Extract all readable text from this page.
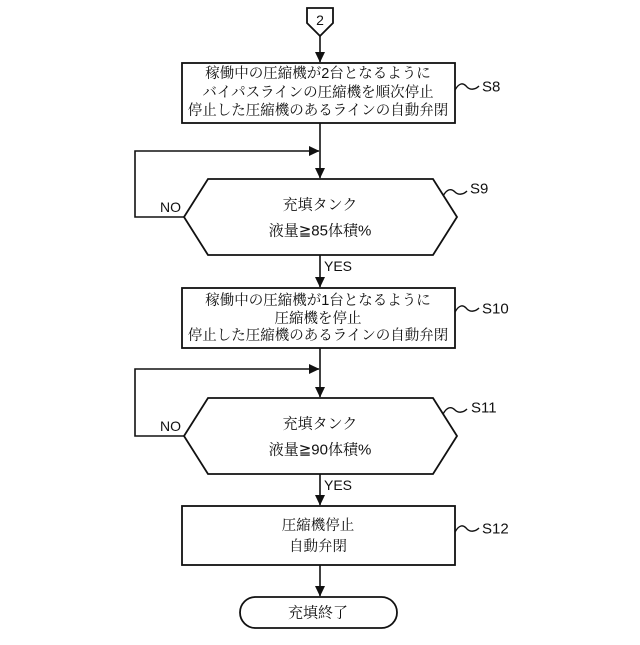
2
稼働中の圧縮機が2台となるように
バイパスラインの圧縮機を順次停止
停止した圧縮機のあるラインの自動弁閉
S8
NO	充填タンク
液量≧85体積%
S9
YES
稼働中の圧縮機が1台となるように
圧縮機を停止
停止した圧縮機のあるラインの自動弁閉
S10
NO	充填タンク
液量≧90体積%
S11
YES
圧縮機停止
自動弁閉
S12
充填終了
